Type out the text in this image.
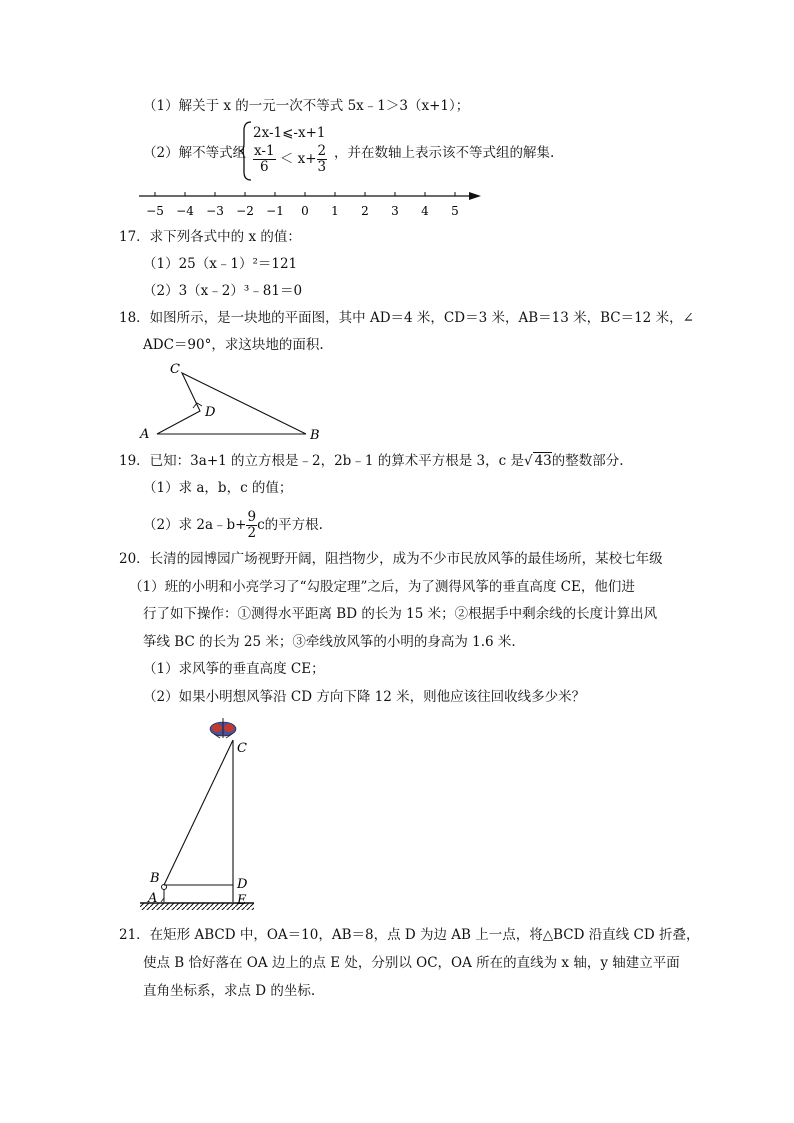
（1）解关于 x 的一元一次不等式 5x﹣1＞3（x+1）；
（2）解不等式组
2x-1⩽-x+1
$\frac{x-1}{6} < x+ \frac{2}{3}$ ，并在数轴上表示该不等式组的解集.
−5 −4 −3 −2 −1 0 1 2 3 4 5
17．求下列各式中的 x 的值：
（1）25（x﹣1）²＝121
（2）3（x﹣2）³﹣81＝0
18．如图所示，是一块地的平面图，其中 AD＝4 米，CD＝3 米，AB＝13 米，BC＝12 米，∠
ADC＝90°，求这块地的面积.
C
D
A	B
19．已知：3a+1 的立方根是﹣2，2b﹣1 的算术平方根是 3，c 是√ 43的整数部分.
（1）求 a，b，c 的值；
（2）求 2a﹣b+ $\frac{9}{2}$ c的平方根.
20．长清的园博园广场视野开阔，阻挡物少，成为不少市民放风筝的最佳场所，某校七年级
（1）班的小明和小亮学习了“勾股定理”之后，为了测得风筝的垂直高度 CE，他们进
行了如下操作：①测得水平距离 BD 的长为 15 米；②根据手中剩余线的长度计算出风
筝线 BC 的长为 25 米；③牵线放风筝的小明的身高为 1.6 米.
（1）求风筝的垂直高度 CE；
（2）如果小明想风筝沿 CD 方向下降 12 米，则他应该往回收线多少米？
C
B	D
A	E
21．在矩形 ABCD 中，OA＝10，AB＝8，点 D 为边 AB 上一点，将△BCD 沿直线 CD 折叠，
使点 B 恰好落在 OA 边上的点 E 处，分别以 OC，OA 所在的直线为 x 轴，y 轴建立平面
直角坐标系，求点 D 的坐标.
